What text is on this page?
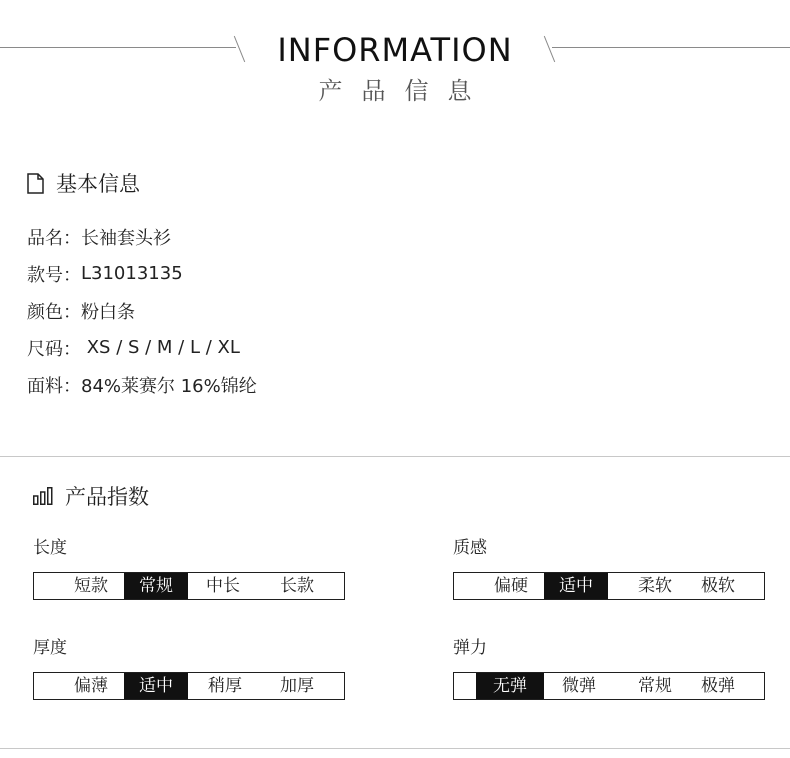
INFORMATION
产品信息
基本信息
品名： 长袖套头衫
款号： L31013135
颜色： 粉白条
尺码： XS / S / M / L / XL
面料： 84%莱赛尔 16%锦纶
产品指数
长度
短款	常规	中长	长款
质感
偏硬	适中	柔软	极软
厚度
偏薄	适中	稍厚	加厚
弹力
无弹	微弹	常规	极弹
